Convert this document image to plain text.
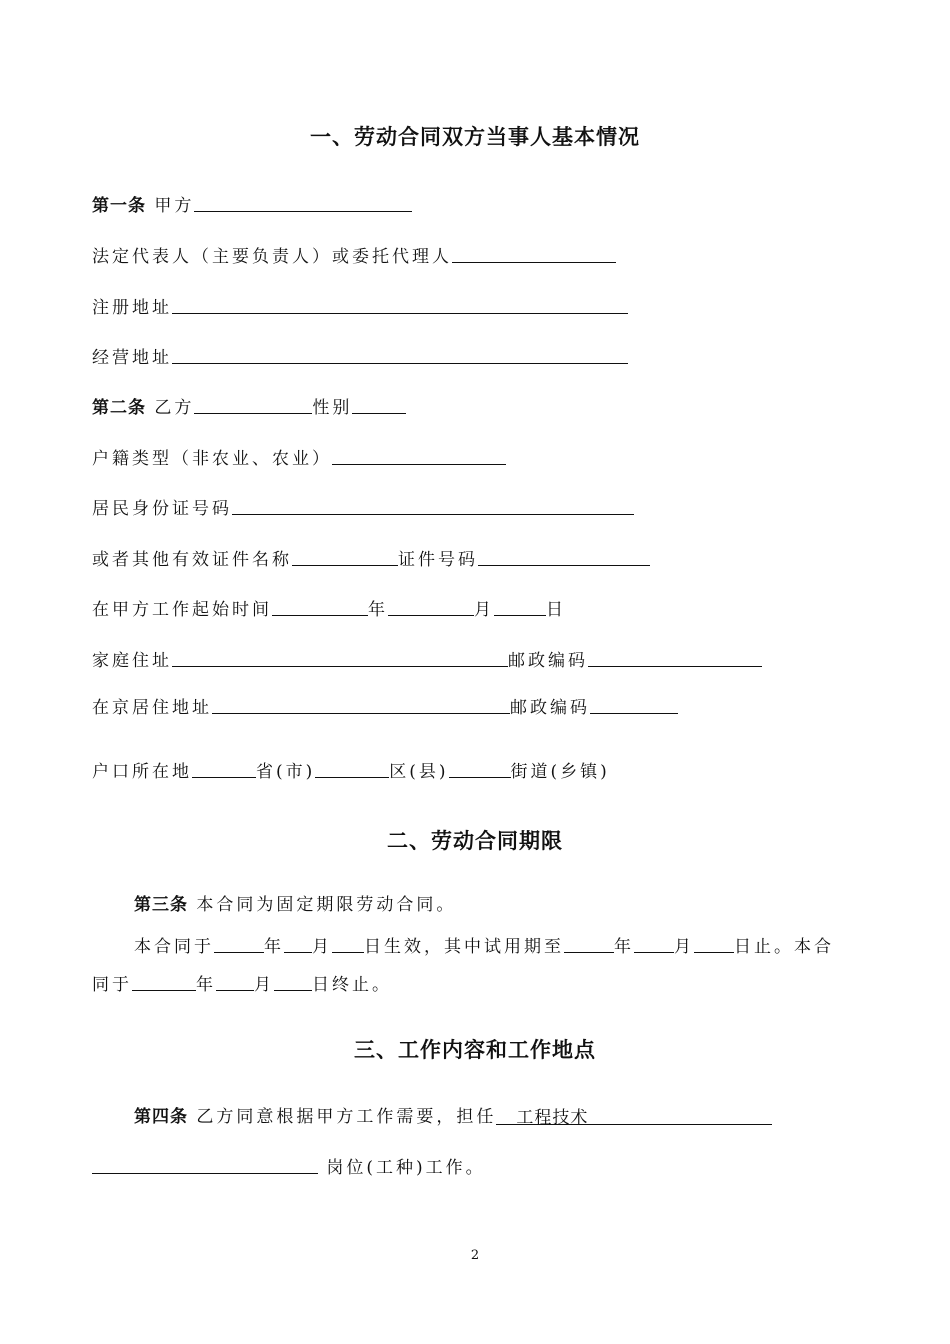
一、劳动合同双方当事人基本情况
第一条 甲方
法定代表人（主要负责人）或委托代理人
注册地址
经营地址
第二条 乙方	性别
户籍类型（非农业、农业）
居民身份证号码
或者其他有效证件名称	证件号码
在甲方工作起始时间	年	月	日
家庭住址	邮政编码
在京居住地址	邮政编码
户口所在地	省(市)	区(县)	街道(乡镇)
二、劳动合同期限
第三条 本合同为固定期限劳动合同。
本合同于	年 月 日生效，其中试用期至	年 月 日止。本合
同于	年 月 日终止。
三、工作内容和工作地点
第四条 乙方同意根据甲方工作需要，担任 工程技术
岗位(工种)工作。
2
